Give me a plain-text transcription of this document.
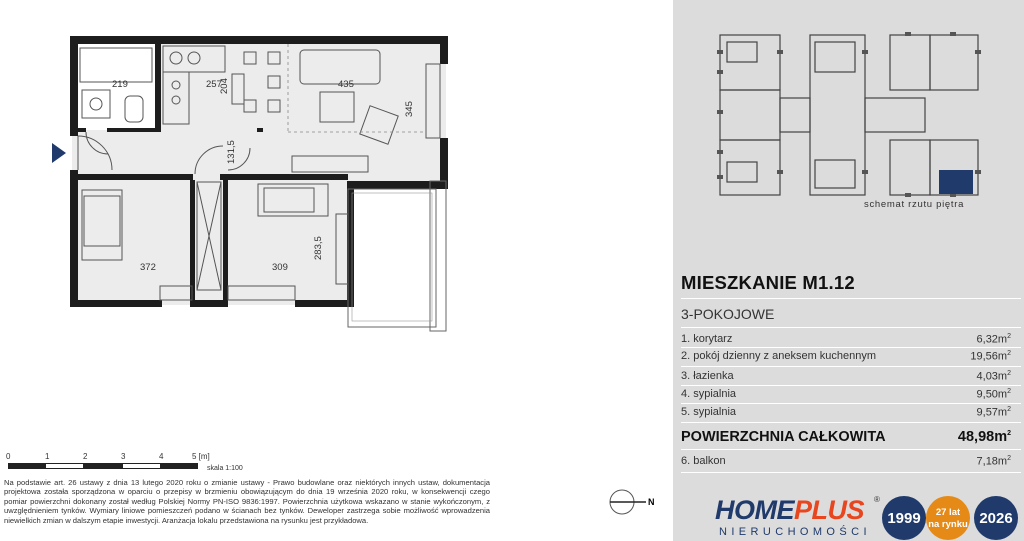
219	257
204	435
345
131,5
372	309
283,5
0	1	2	3	4	5 [m]
skala 1:100

Na podstawie art. 26 ustawy z dnia 13 lutego 2020 roku o zmianie ustawy - Prawo budowlane oraz niektórych innych ustaw, dokumentacja projektowa została sporządzona w oparciu o przepisy w brzmieniu obowiązującym do dnia 19 września 2020 roku, w konsekwencji czego pomiar powierzchni dokonany został według Polskiej Normy PN-ISO 9836:1997. Powierzchnia użytkowa wskazano w stanie wykończonym, z uwzględnieniem tynków. Wymiary liniowe pomieszczeń podano w ścianach bez tynków. Deweloper zastrzega sobie możliwość wprowadzenia niewielkich zmian w dalszym etapie inwestycji. Aranżacja lokalu przedstawiona na rysunku jest przykładowa.

N
schemat rzutu piętra
MIESZKANIE M1.12
3-POKOJOWE
1. korytarz	$6,32m^2$
2. pokój dzienny z aneksem kuchennym	$19,56m^2$
3. łazienka	$4,03m^2$
4. sypialnia	$9,50m^2$
5. sypialnia	$9,57m^2$
POWIERZCHNIA CAŁKOWITA	$48,98m^2$
6. balkon	$7,18m^2$
HOMEPLUS ®
NIERUCHOMOŚCI
1999	27 lat
na rynku 2026
